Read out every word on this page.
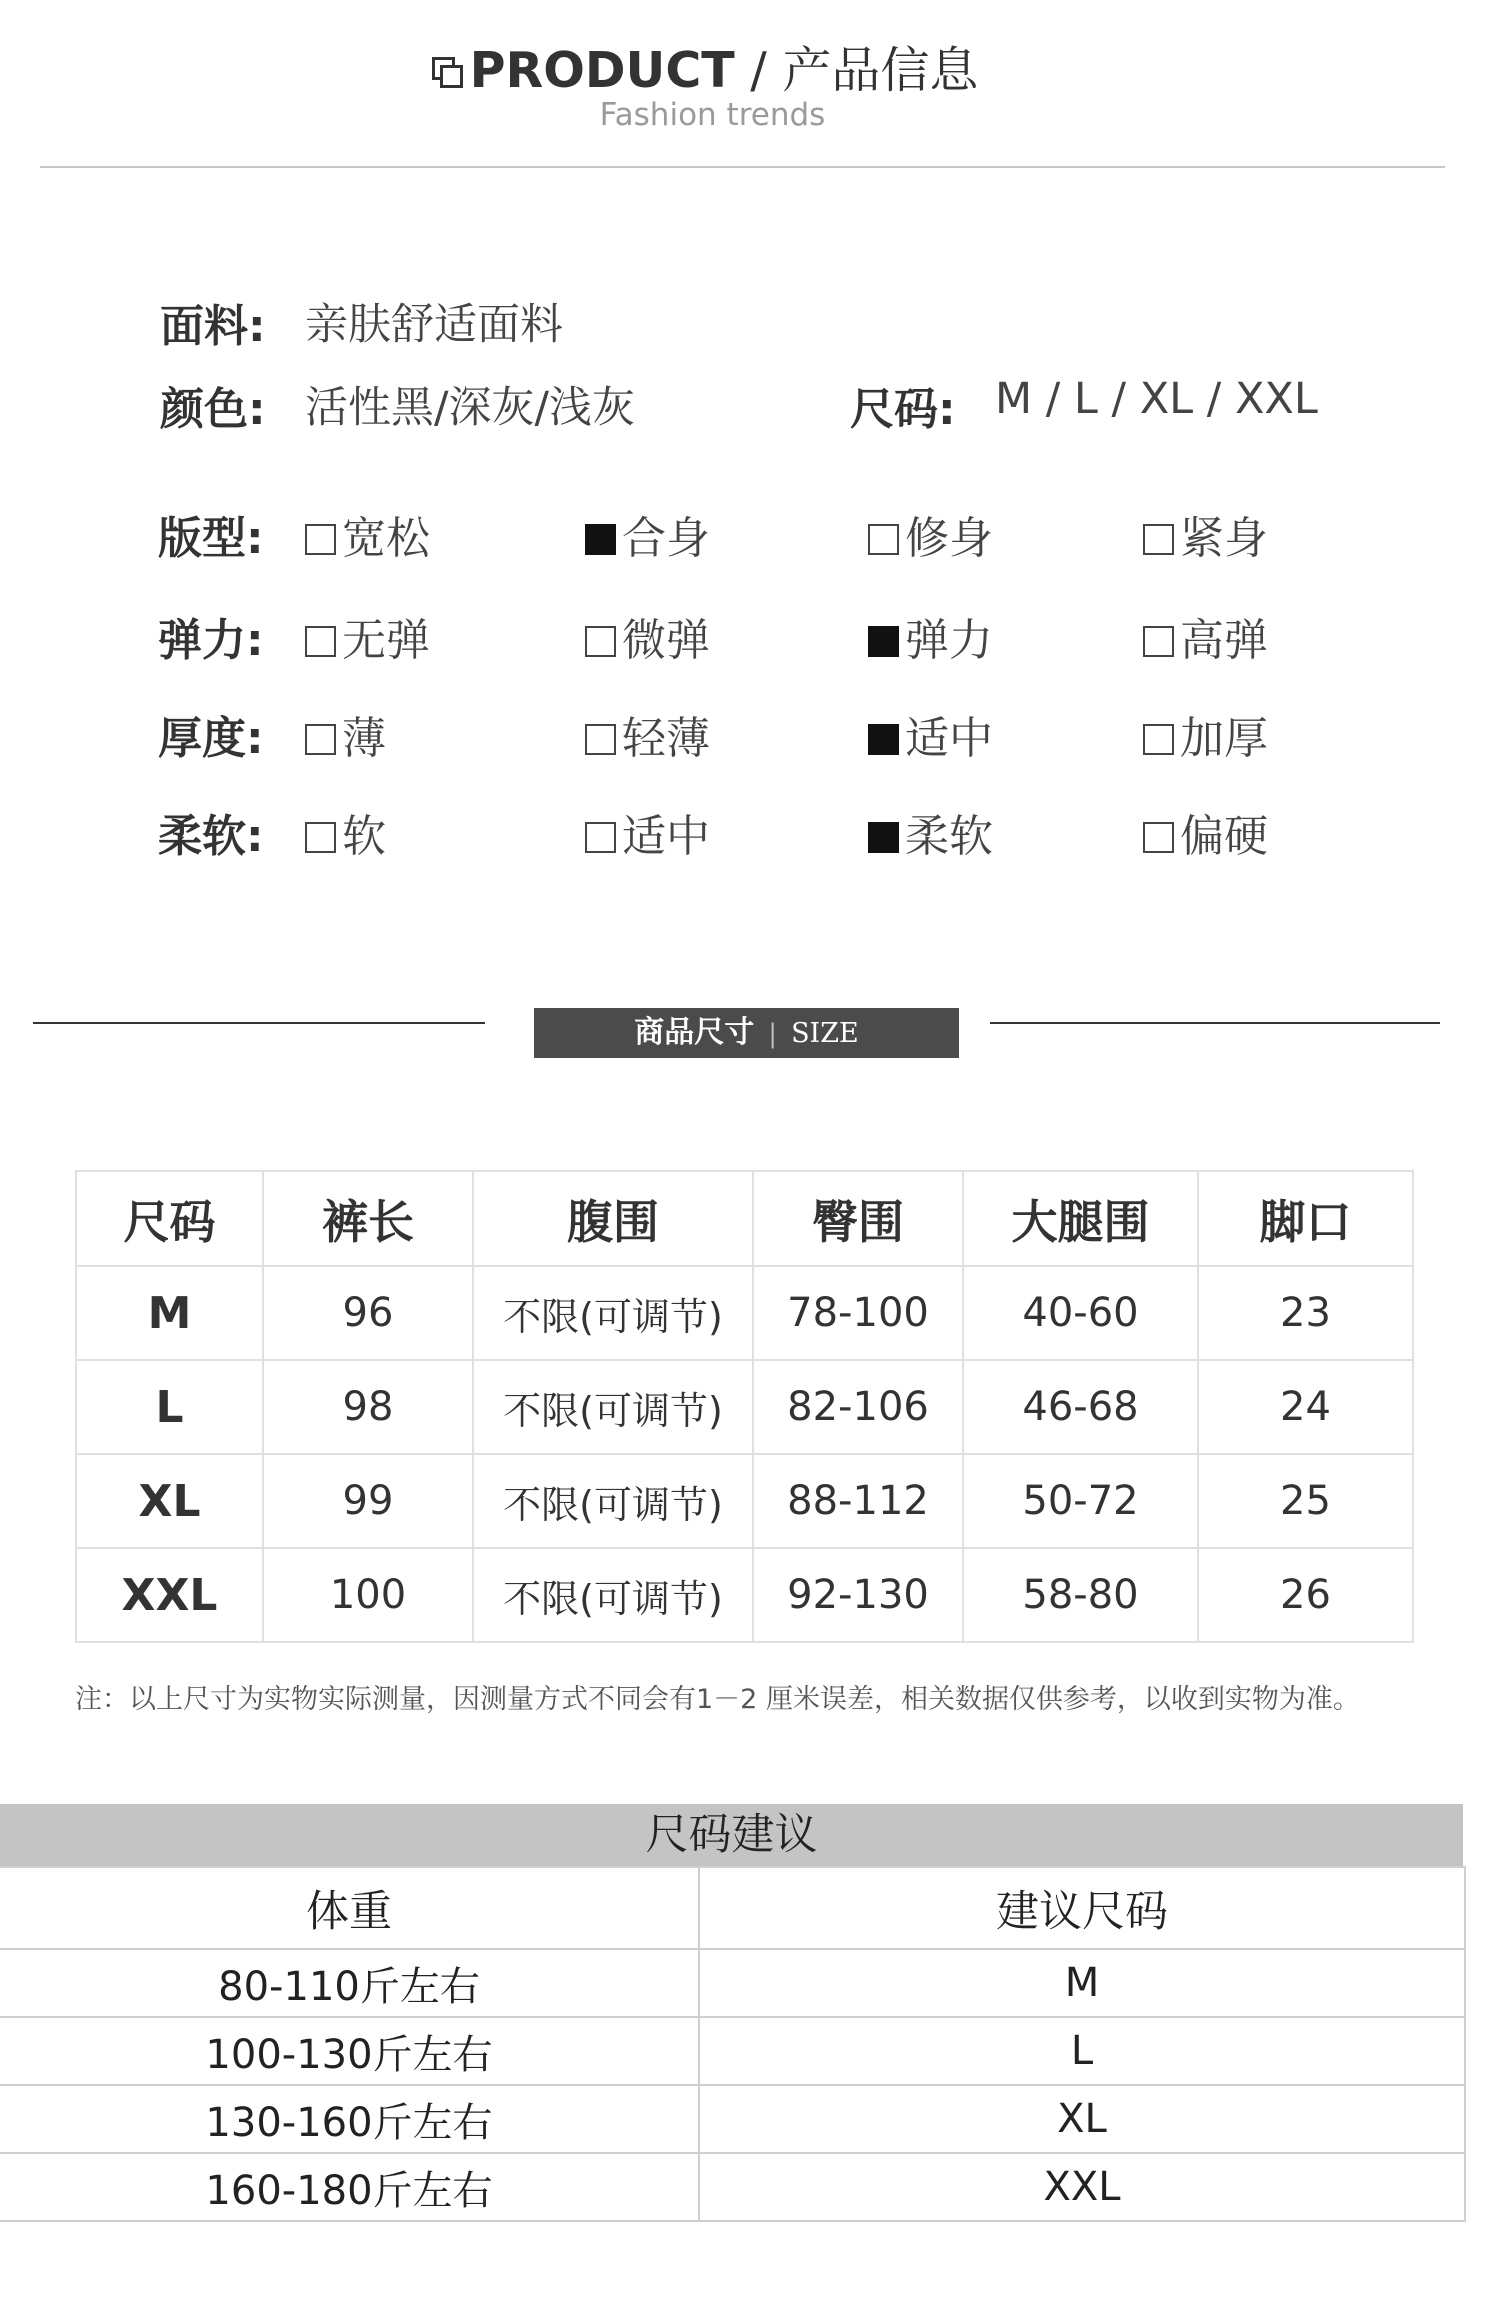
PRODUCT / 产品信息
Fashion trends
面料: 亲肤舒适面料
颜色: 活性黑/深灰/浅灰	尺码: M / L / XL / XXL
版型:	宽松	合身	修身	紧身
弹力:	无弹	微弹	弹力	高弹
厚度:	薄	轻薄	适中	加厚
柔软:	软	适中	柔软	偏硬
商品尺寸 | SIZE
尺码	裤长	腹围	臀围	大腿围	脚口
M	96	不限(可调节)	78-100	40-60	23
L	98	不限(可调节)	82-106	46-68	24
XL	99	不限(可调节)	88-112	50-72	25
XXL	100	不限(可调节)	92-130	58-80	26
注：以上尺寸为实物实际测量，因测量方式不同会有1－2 厘米误差，相关数据仅供参考，以收到实物为准。
尺码建议
体重	建议尺码
80-110斤左右	M
100-130斤左右	L
130-160斤左右	XL
160-180斤左右	XXL
